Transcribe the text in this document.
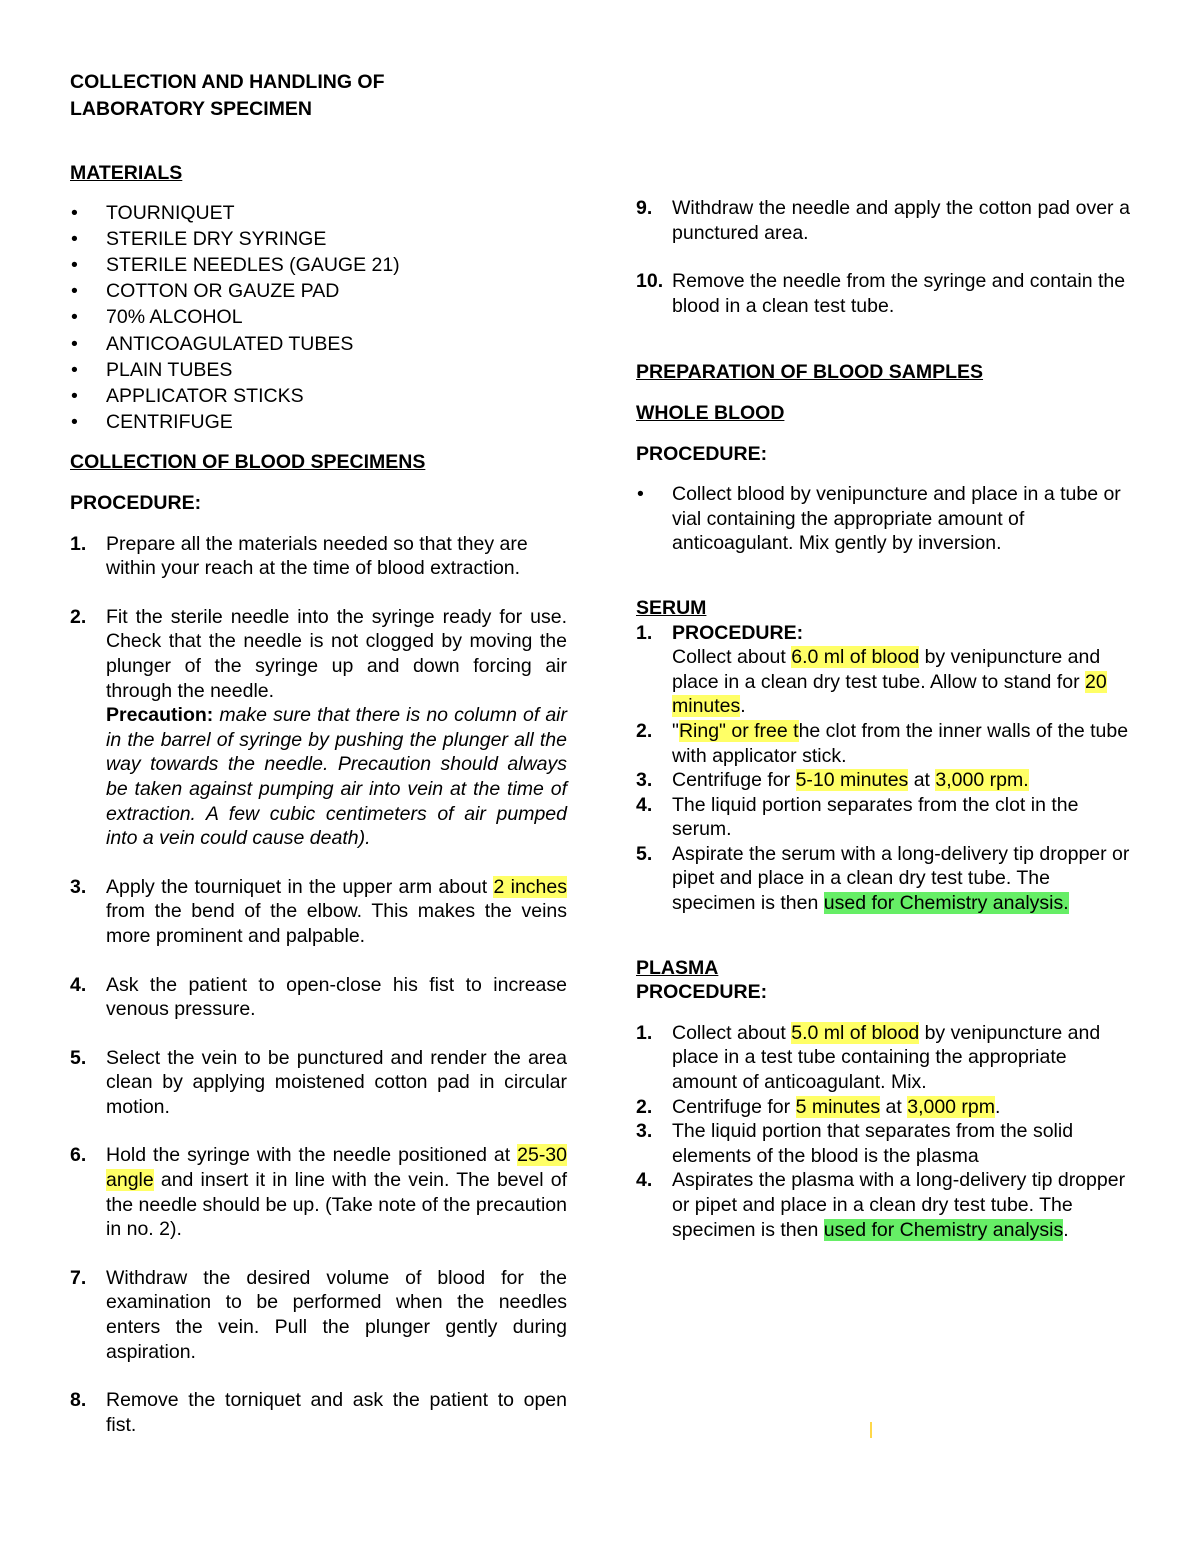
COLLECTION AND HANDLING OF

LABORATORY SPECIMEN

MATERIALS
• TOURNIQUET
• STERILE DRY SYRINGE
• STERILE NEEDLES (GAUGE 21)
• COTTON OR GAUZE PAD
• 70% ALCOHOL
• ANTICOAGULATED TUBES
• PLAIN TUBES
• APPLICATOR STICKS
• CENTRIFUGE
COLLECTION OF BLOOD SPECIMENS
PROCEDURE:
1. Prepare all the materials needed so that they are within your reach at the time of blood extraction.
2. Fit the sterile needle into the syringe ready for use. Check that the needle is not clogged by moving the plunger of the syringe up and down forcing air through the needle.
Precaution: make sure that there is no column of air in the barrel of syringe by pushing the plunger all the way towards the needle. Precaution should always be taken against pumping air into vein at the time of extraction. A few cubic centimeters of air pumped into a vein could cause death).
3. Apply the tourniquet in the upper arm about 2 inches from the bend of the elbow. This makes the veins more prominent and palpable.
4. Ask the patient to open-close his fist to increase venous pressure.
5. Select the vein to be punctured and render the area clean by applying moistened cotton pad in circular motion.
6. Hold the syringe with the needle positioned at 25-30 angle and insert it in line with the vein. The bevel of the needle should be up. (Take note of the precaution in no. 2).
7. Withdraw the desired volume of blood for the examination to be performed when the needles enters the vein. Pull the plunger gently during aspiration.
8. Remove the torniquet and ask the patient to open fist.
9. Withdraw the needle and apply the cotton pad over a punctured area.
10. Remove the needle from the syringe and contain the blood in a clean test tube.
PREPARATION OF BLOOD SAMPLES
WHOLE BLOOD
PROCEDURE:
• Collect blood by venipuncture and place in a tube or vial containing the appropriate amount of anticoagulant. Mix gently by inversion.
SERUM
1. PROCEDURE:
Collect about 6.0 ml of blood by venipuncture and place in a clean dry test tube. Allow to stand for 20 minutes.
2. "Ring" or free the clot from the inner walls of the tube with applicator stick.
3. Centrifuge for 5-10 minutes at 3,000 rpm.
4. The liquid portion separates from the clot in the serum.
5. Aspirate the serum with a long-delivery tip dropper or pipet and place in a clean dry test tube. The specimen is then used for Chemistry analysis.
PLASMA
PROCEDURE:
1. Collect about 5.0 ml of blood by venipuncture and place in a test tube containing the appropriate amount of anticoagulant. Mix.
2. Centrifuge for 5 minutes at 3,000 rpm.
3. The liquid portion that separates from the solid elements of the blood is the plasma
4. Aspirates the plasma with a long-delivery tip dropper or pipet and place in a clean dry test tube. The specimen is then used for Chemistry analysis.
